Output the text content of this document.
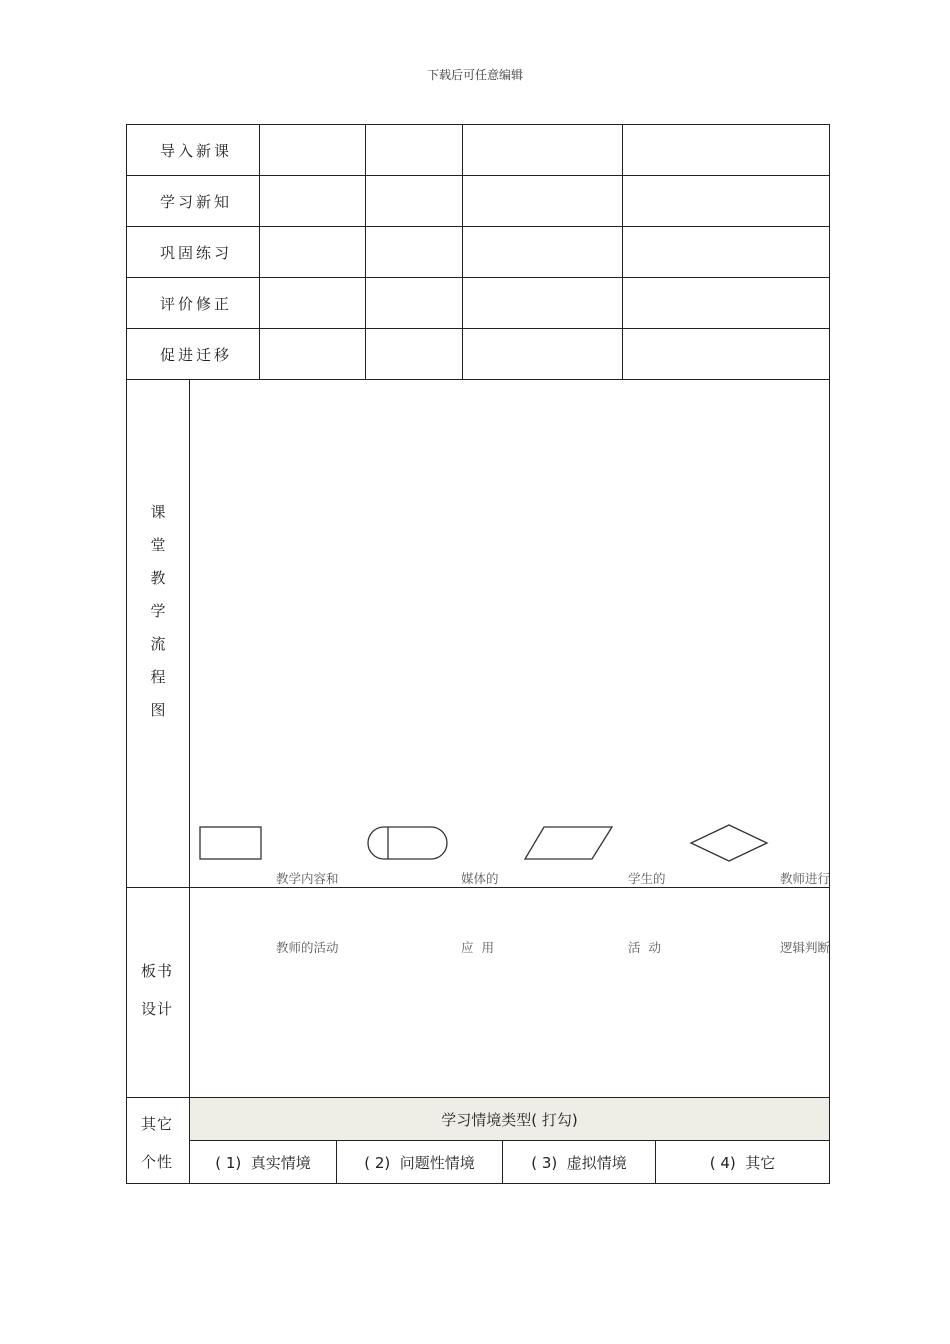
下载后可任意编辑
导入新课
学习新知
巩固练习
评价修正
促进迁移
课
堂
教
学
流
程
图

教学内容和

教师的活动

媒体的

应  用

学生的

活  动

教师进行

逻辑判断

板书
设计
其它
个性
学习情境类型( 打勾)
( 1)  真实情境	( 2)  问题性情境	( 3)  虚拟情境	( 4)  其它
